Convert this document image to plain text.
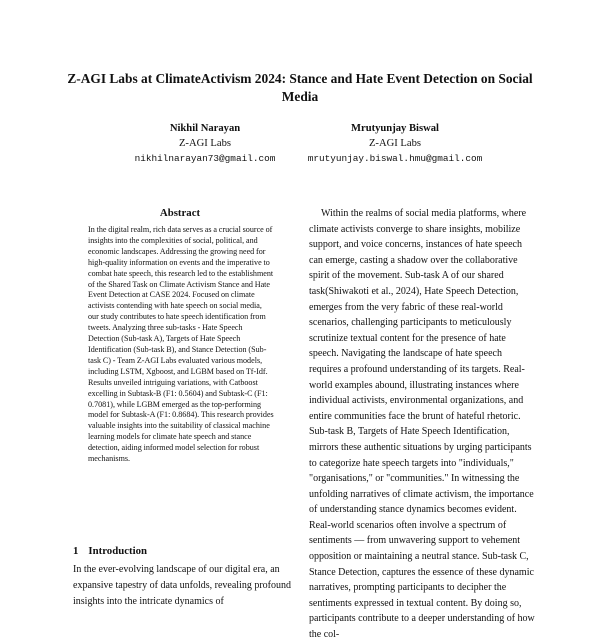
Z-AGI Labs at ClimateActivism 2024: Stance and Hate Event Detection on Social Media
Nikhil Narayan
Z-AGI Labs
nikhilnarayan73@gmail.com
Mrutyunjay Biswal
Z-AGI Labs
mrutyunjay.biswal.hmu@gmail.com
Abstract
In the digital realm, rich data serves as a crucial source of insights into the complexities of social, political, and economic landscapes. Addressing the growing need for high-quality information on events and the imperative to combat hate speech, this research led to the establishment of the Shared Task on Climate Activism Stance and Hate Event Detection at CASE 2024. Focused on climate activists contending with hate speech on social media, our study contributes to hate speech identification from tweets. Analyzing three sub-tasks - Hate Speech Detection (Sub-task A), Targets of Hate Speech Identification (Sub-task B), and Stance Detection (Sub-task C) - Team Z-AGI Labs evaluated various models, including LSTM, Xgboost, and LGBM based on Tf-Idf. Results unveiled intriguing variations, with Catboost excelling in Subtask-B (F1: 0.5604) and Subtask-C (F1: 0.7081), while LGBM emerged as the top-performing model for Subtask-A (F1: 0.8684). This research provides valuable insights into the suitability of classical machine learning models for climate hate speech and stance detection, aiding informed model selection for robust mechanisms.
1 Introduction
In the ever-evolving landscape of our digital era, an expansive tapestry of data unfolds, revealing profound insights into the intricate dynamics of

Within the realms of social media platforms, where climate activists converge to share insights, mobilize support, and voice concerns, instances of hate speech can emerge, casting a shadow over the collaborative spirit of the movement. Sub-task A of our shared task(Shiwakoti et al., 2024), Hate Speech Detection, emerges from the very fabric of these real-world scenarios, challenging participants to meticulously scrutinize textual content for the presence of hate speech. Navigating the landscape of hate speech requires a profound understanding of its targets. Real-world examples abound, illustrating instances where individual activists, environmental organizations, and entire communities face the brunt of hateful rhetoric. Sub-task B, Targets of Hate Speech Identification, mirrors these authentic situations by urging participants to categorize hate speech targets into "individuals," "organisations," or "communities." In witnessing the unfolding narratives of climate activism, the importance of understanding stance dynamics becomes evident. Real-world scenarios often involve a spectrum of sentiments — from unwavering support to vehement opposition or maintaining a neutral stance. Sub-task C, Stance Detection, captures the essence of these dynamic narratives, prompting participants to decipher the sentiments expressed in textual content. By doing so, participants contribute to a deeper understanding of how the col-
